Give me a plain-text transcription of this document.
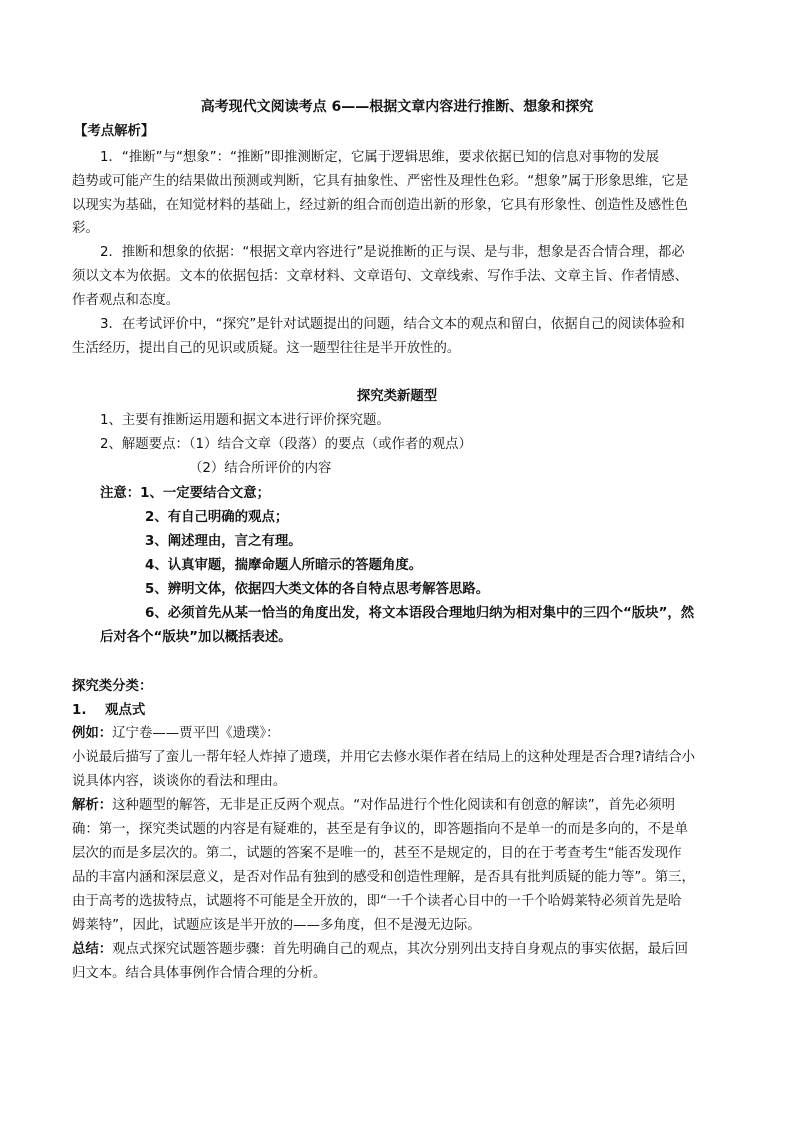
高考现代文阅读考点 6——根据文章内容进行推断、想象和探究
【考点解析】
1．“推断”与“想象”：“推断”即推测断定，它属于逻辑思维，要求依据已知的信息对事物的发展
趋势或可能产生的结果做出预测或判断，它具有抽象性、严密性及理性色彩。“想象”属于形象思维，它是
以现实为基础，在知觉材料的基础上，经过新的组合而创造出新的形象，它具有形象性、创造性及感性色
彩。
2．推断和想象的依据：“根据文章内容进行”是说推断的正与误、是与非，想象是否合情合理，都必
须以文本为依据。文本的依据包括：文章材料、文章语句、文章线索、写作手法、文章主旨、作者情感、
作者观点和态度。
3．在考试评价中，“探究”是针对试题提出的问题，结合文本的观点和留白，依据自己的阅读体验和
生活经历，提出自己的见识或质疑。这一题型往往是半开放性的。
探究类新题型
1、主要有推断运用题和据文本进行评价探究题。
2、解题要点：（1）结合文章（段落）的要点（或作者的观点）
（2）结合所评价的内容
注意：1、一定要结合文意；
2、有自己明确的观点；
3、阐述理由，言之有理。
4、认真审题，揣摩命题人所暗示的答题角度。
5、辨明文体，依据四大类文体的各自特点思考解答思路。
6、必须首先从某一恰当的角度出发，将文本语段合理地归纳为相对集中的三四个“版块”，然
后对各个“版块”加以概括表述。
探究类分类：
1.    观点式
例如：辽宁卷——贾平凹《遗璞》：
小说最后描写了蛮儿一帮年轻人炸掉了遗璞，并用它去修水渠作者在结局上的这种处理是否合理?请结合小
说具体内容，谈谈你的看法和理由。
解析：这种题型的解答，无非是正反两个观点。“对作品进行个性化阅读和有创意的解读”，首先必须明
确：第一，探究类试题的内容是有疑难的，甚至是有争议的，即答题指向不是单一的而是多向的，不是单
层次的而是多层次的。第二，试题的答案不是唯一的，甚至不是规定的，目的在于考查考生“能否发现作
品的丰富内涵和深层意义，是否对作品有独到的感受和创造性理解，是否具有批判质疑的能力等”。第三，
由于高考的选拔特点，试题将不可能是全开放的，即“一千个读者心目中的一千个哈姆莱特必须首先是哈
姆莱特”，因此，试题应该是半开放的——多角度，但不是漫无边际。
总结：观点式探究试题答题步骤：首先明确自己的观点，其次分别列出支持自身观点的事实依据，最后回
归文本。结合具体事例作合情合理的分析。
